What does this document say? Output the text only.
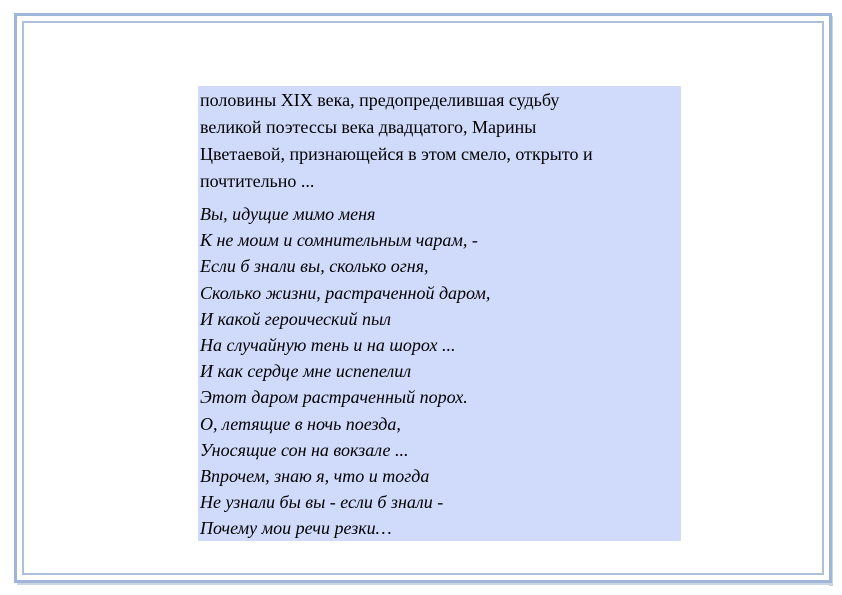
половины XIX века, предопределившая судьбу
великой поэтессы века двадцатого, Марины
Цветаевой, признающейся в этом смело, открыто и
почтительно ...

Вы, идущие мимо меня
К не моим и сомнительным чарам, -
Если б знали вы, сколько огня,
Сколько жизни, растраченной даром,
И какой героический пыл
На случайную тень и на шорох ...
И как сердце мне испепелил
Этот даром растраченный порох.
О, летящие в ночь поезда,
Уносящие сон на вокзале ...
Впрочем, знаю я, что и тогда
Не узнали бы вы - если б знали -
Почему мои речи резки…
